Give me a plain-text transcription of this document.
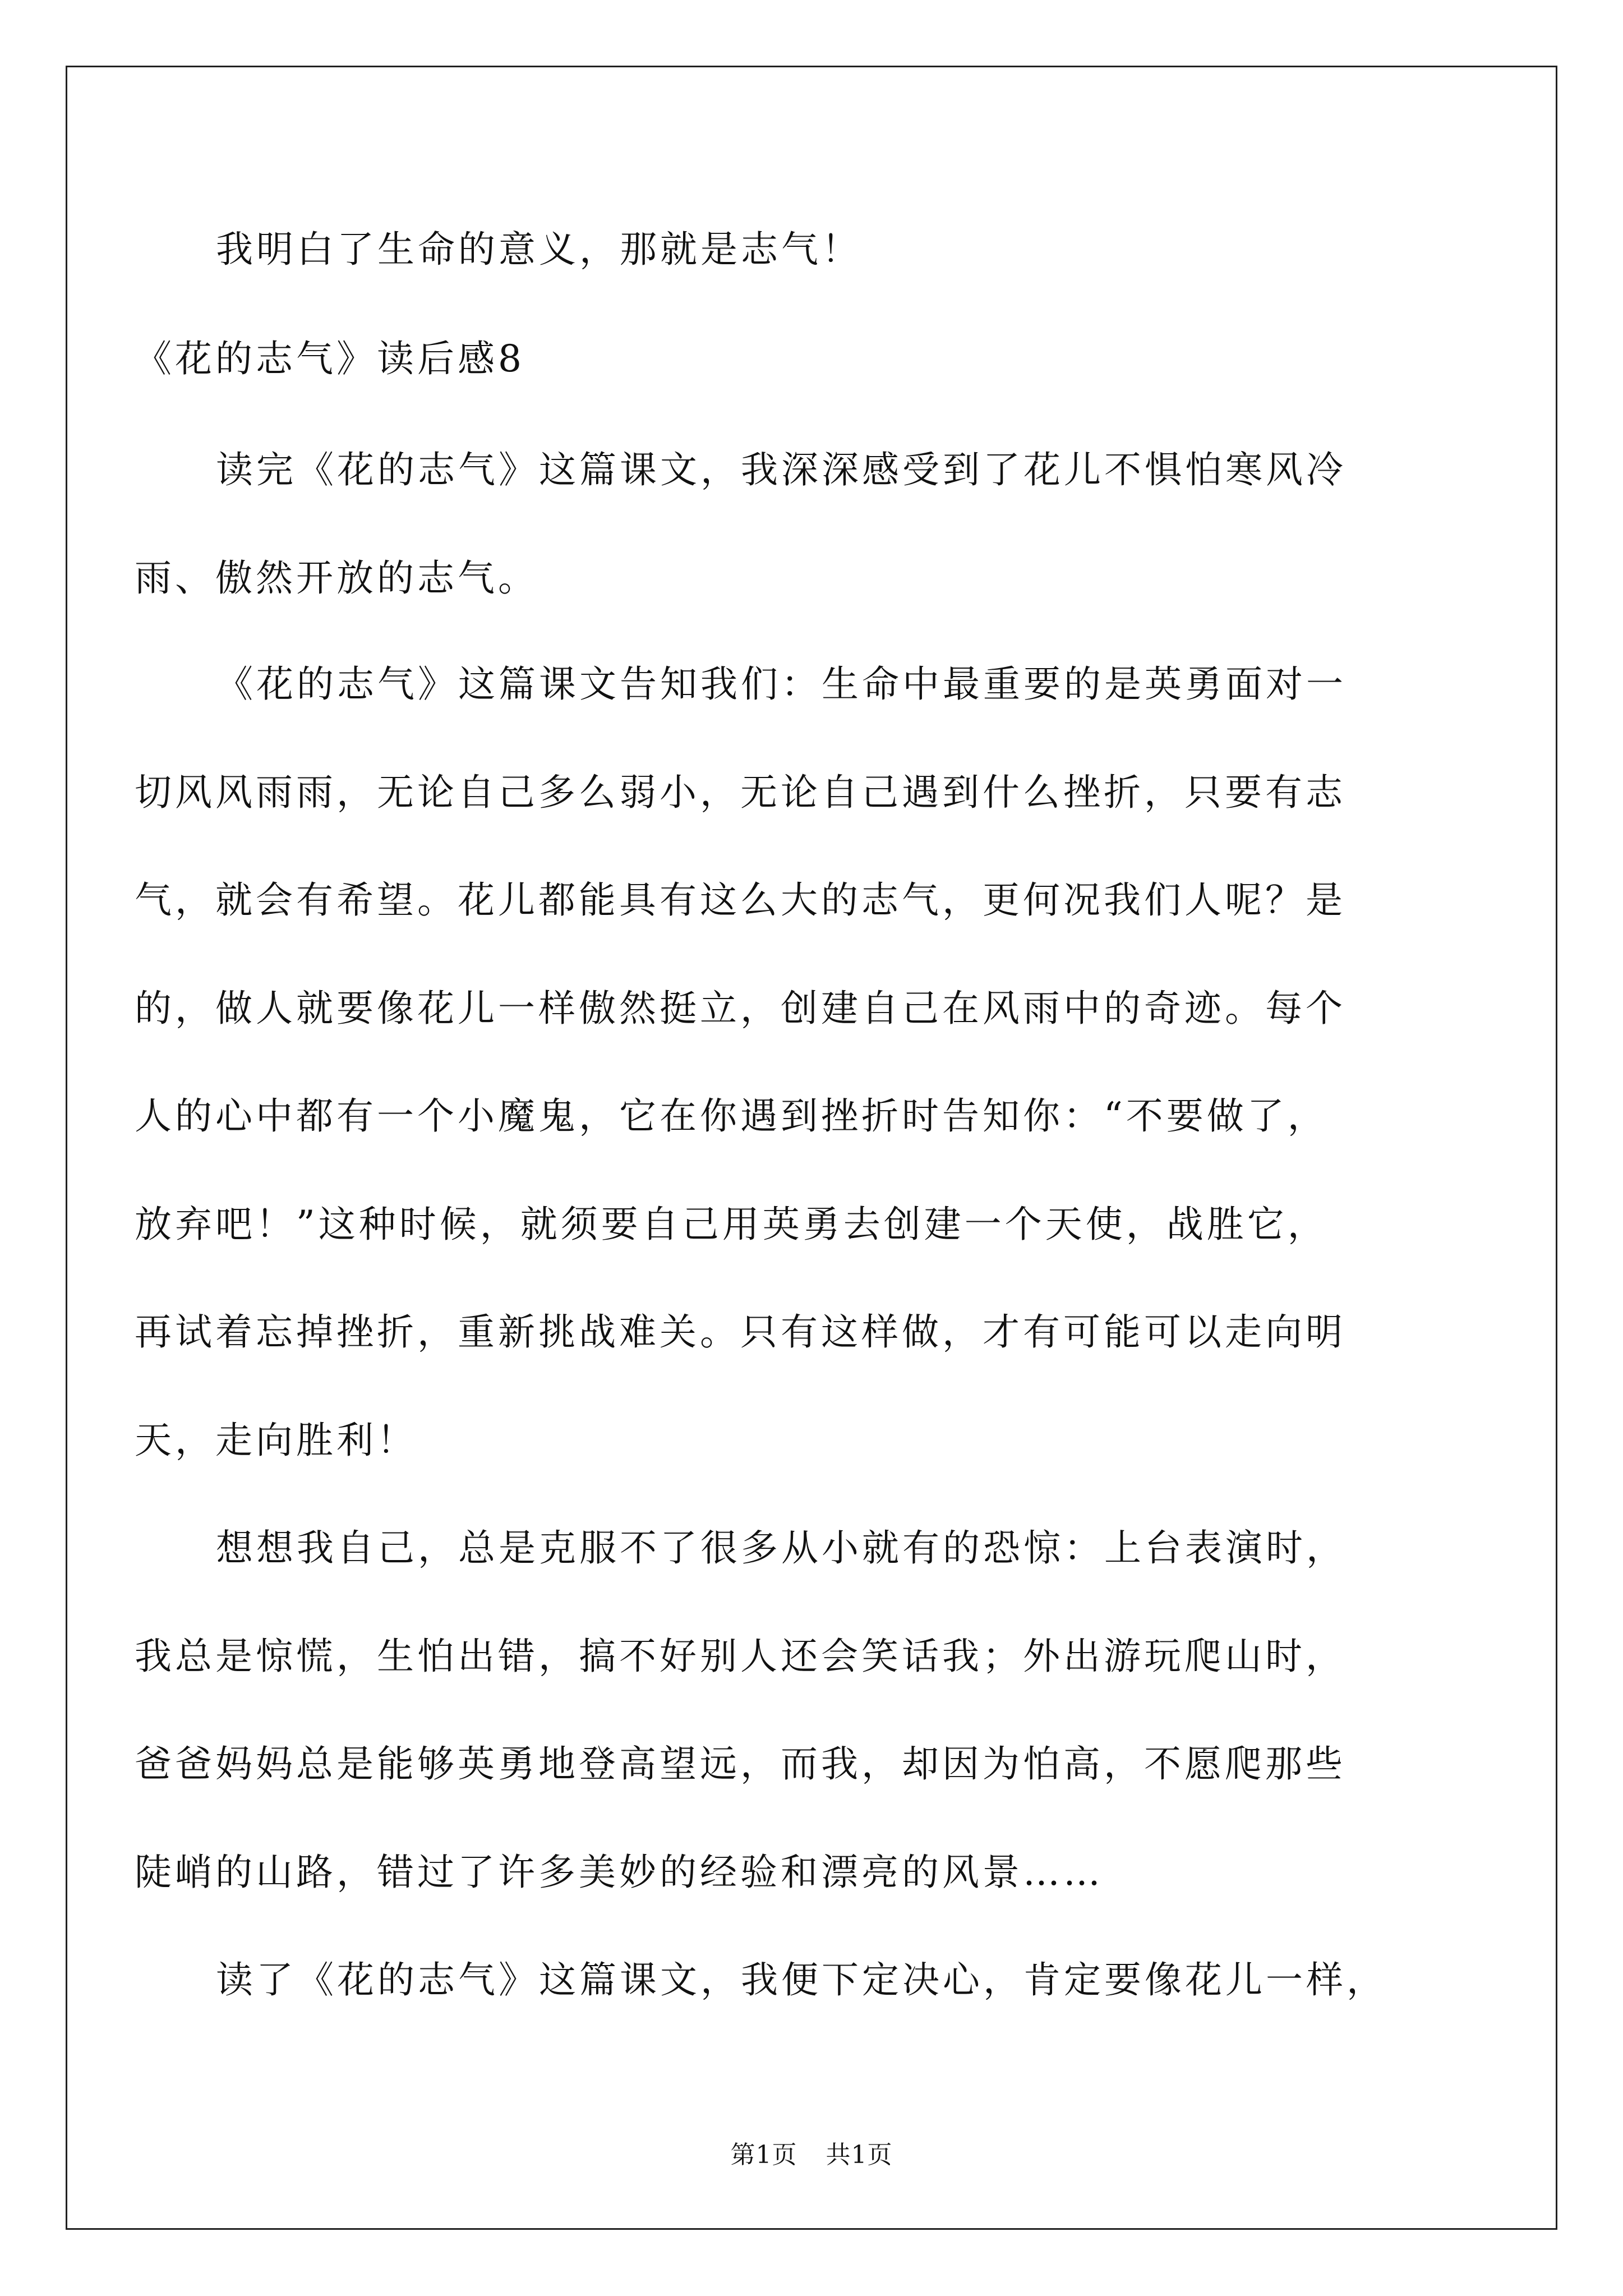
我明白了生命的意义，那就是志气！
《花的志气》读后感8
读完《花的志气》这篇课文，我深深感受到了花儿不惧怕寒风冷
雨、傲然开放的志气。
《花的志气》这篇课文告知我们：生命中最重要的是英勇面对一
切风风雨雨，无论自己多么弱小，无论自己遇到什么挫折，只要有志
气，就会有希望。花儿都能具有这么大的志气，更何况我们人呢？是
的，做人就要像花儿一样傲然挺立，创建自己在风雨中的奇迹。每个
人的心中都有一个小魔鬼，它在你遇到挫折时告知你：“不要做了，
放弃吧！”这种时候，就须要自己用英勇去创建一个天使，战胜它，
再试着忘掉挫折，重新挑战难关。只有这样做，才有可能可以走向明
天，走向胜利！
想想我自己，总是克服不了很多从小就有的恐惊：上台表演时，
我总是惊慌，生怕出错，搞不好别人还会笑话我；外出游玩爬山时，
爸爸妈妈总是能够英勇地登高望远，而我，却因为怕高，不愿爬那些
陡峭的山路，错过了许多美妙的经验和漂亮的风景……
读了《花的志气》这篇课文，我便下定决心，肯定要像花儿一样，
第1页 共1页
